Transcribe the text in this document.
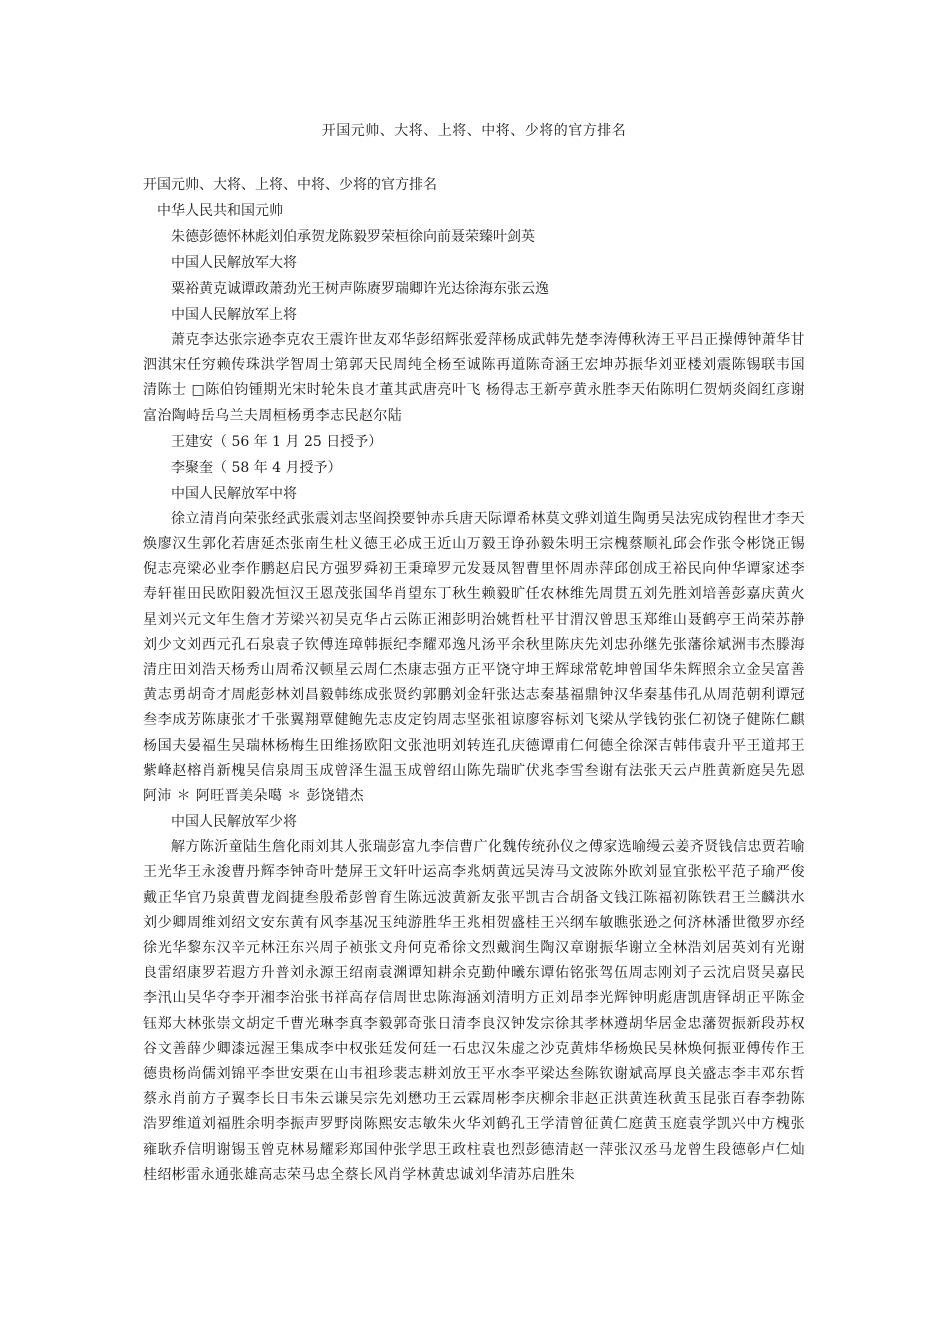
开国元帅、大将、上将、中将、少将的官方排名

开国元帅、大将、上将、中将、少将的官方排名

中华人民共和国元帅

朱德彭德怀林彪刘伯承贺龙陈毅罗荣桓徐向前聂荣臻叶剑英

中国人民解放军大将

粟裕黄克诚谭政萧劲光王树声陈赓罗瑞卿许光达徐海东张云逸

中国人民解放军上将

萧克李达张宗逊李克农王震许世友邓华彭绍辉张爱萍杨成武韩先楚李涛傅秋涛王平吕正操傅钟萧华甘泗淇宋任穷赖传珠洪学智周士第郭天民周纯全杨至诚陈再道陈奇涵王宏坤苏振华刘亚楼刘震陈锡联韦国清陈士 □陈伯钧锺期光宋时轮朱良才董其武唐亮叶飞 杨得志王新亭黄永胜李天佑陈明仁贺炳炎阎红彦谢富治陶峙岳乌兰夫周桓杨勇李志民赵尔陆

王建安（ 56 年 1 月 25 日授予）

李聚奎（ 58 年 4 月授予）

中国人民解放军中将

徐立清肖向荣张经武张震刘志坚阎揆要钟赤兵唐天际谭希林莫文骅刘道生陶勇吴法宪成钧程世才李天焕廖汉生郭化若唐延杰张南生杜义德王必成王近山万毅王诤孙毅朱明王宗槐蔡顺礼邱会作张令彬饶正锡倪志亮梁必业李作鹏赵启民方强罗舜初王秉璋罗元发聂凤智曹里怀周赤萍邱创成王裕民向仲华谭家述李寿轩崔田民欧阳毅冼恒汉王恩茂张国华肖望东丁秋生赖毅旷任农林维先周贯五刘先胜刘培善彭嘉庆黄火星刘兴元文年生詹才芳梁兴初吴克华占云陈正湘彭明治姚哲杜平甘渭汉曾思玉郑维山聂鹤亭王尚荣苏静刘少文刘西元孔石泉袁子钦傅连璋韩振纪李耀邓逸凡汤平余秋里陈庆先刘忠孙继先张藩徐斌洲韦杰滕海清庄田刘浩天杨秀山周希汉顿星云周仁杰康志强方正平饶守坤王辉球常乾坤曾国华朱辉照余立金吴富善黄志勇胡奇才周彪彭林刘昌毅韩练成张贤约郭鹏刘金轩张达志秦基福鼎钟汉华秦基伟孔从周范朝利谭冠叁李成芳陈康张才千张翼翔覃健鲍先志皮定钧周志坚张祖谅廖容标刘飞梁从学钱钧张仁初饶子健陈仁麒杨国夫晏福生吴瑞林杨梅生田维扬欧阳文张池明刘转连孔庆德谭甫仁何德全徐深吉韩伟袁升平王道邦王紫峰赵榕肖新槐吴信泉周玉成曾泽生温玉成曾绍山陈先瑞旷伏兆李雪叁谢有法张天云卢胜黄新庭吴先恩阿沛 ＊ 阿旺晋美朵噶 ＊ 彭饶错杰

中国人民解放军少将

解方陈沂童陆生詹化雨刘其人张瑞彭富九李信曹广化魏传统孙仪之傅家选喻缦云姜齐贤钱信忠贾若喻王光华王永浚曹丹辉李钟奇叶楚屏王文轩叶运高李兆炳黄远吴涛马文波陈外欧刘显宜张松平范子瑜严俊戴正华官乃泉黄曹龙阎捷叁殷希彭曾育生陈远波黄新友张平凯吉合胡备文钱江陈福初陈铁君王兰麟洪水刘少卿周维刘绍文安东黄有风李基况玉纯游胜华王兆相贺盛桂王兴纲车敏瞧张逊之何济林潘世徵罗亦经徐光华黎东汉辛元林汪东兴周子祯张文舟何克希徐文烈戴润生陶汉章谢振华谢立全林浩刘居英刘有光谢良雷绍康罗若遐方升普刘永源王绍南袁渊谭知耕余克勤仲曦东谭佑铭张驾伍周志刚刘子云沈启贤吴嘉民李汛山吴华夺李开湘李治张书祥高存信周世忠陈海涵刘清明方正刘昂李光辉钟明彪唐凯唐铎胡正平陈金钰郑大林张崇文胡定千曹光琳李真李毅郭奇张日清李良汉钟发宗徐其孝林遵胡华居金忠藩贺振新段苏权谷文善薛少卿漆远渥王集成李中权张廷发何廷一石忠汉朱虚之沙克黄炜华杨焕民吴林焕何振亚傅传作王德贵杨尚儒刘锦平李世安栗在山韦祖珍裴志耕刘放王平水李平梁达叁陈钦谢斌高厚良关盛志李丰邓东哲蔡永肖前方子翼李长日韦朱云谦吴宗先刘懋功王云霖周彬李庆柳余非赵正洪黄连秋黄玉昆张百春李勃陈浩罗维道刘福胜余明李振声罗野岗陈熙安志敏朱火华刘鹤孔王学清曾征黄仁庭黄玉庭袁学凯兴中方槐张雍耿乔信明谢锡玉曾克林易耀彩郑国仲张学思王政柱袁也烈彭德清赵一萍张汉丞马龙曾生段德彰卢仁灿桂绍彬雷永通张雄高志荣马忠全蔡长风肖学林黄忠诚刘华清苏启胜朱
